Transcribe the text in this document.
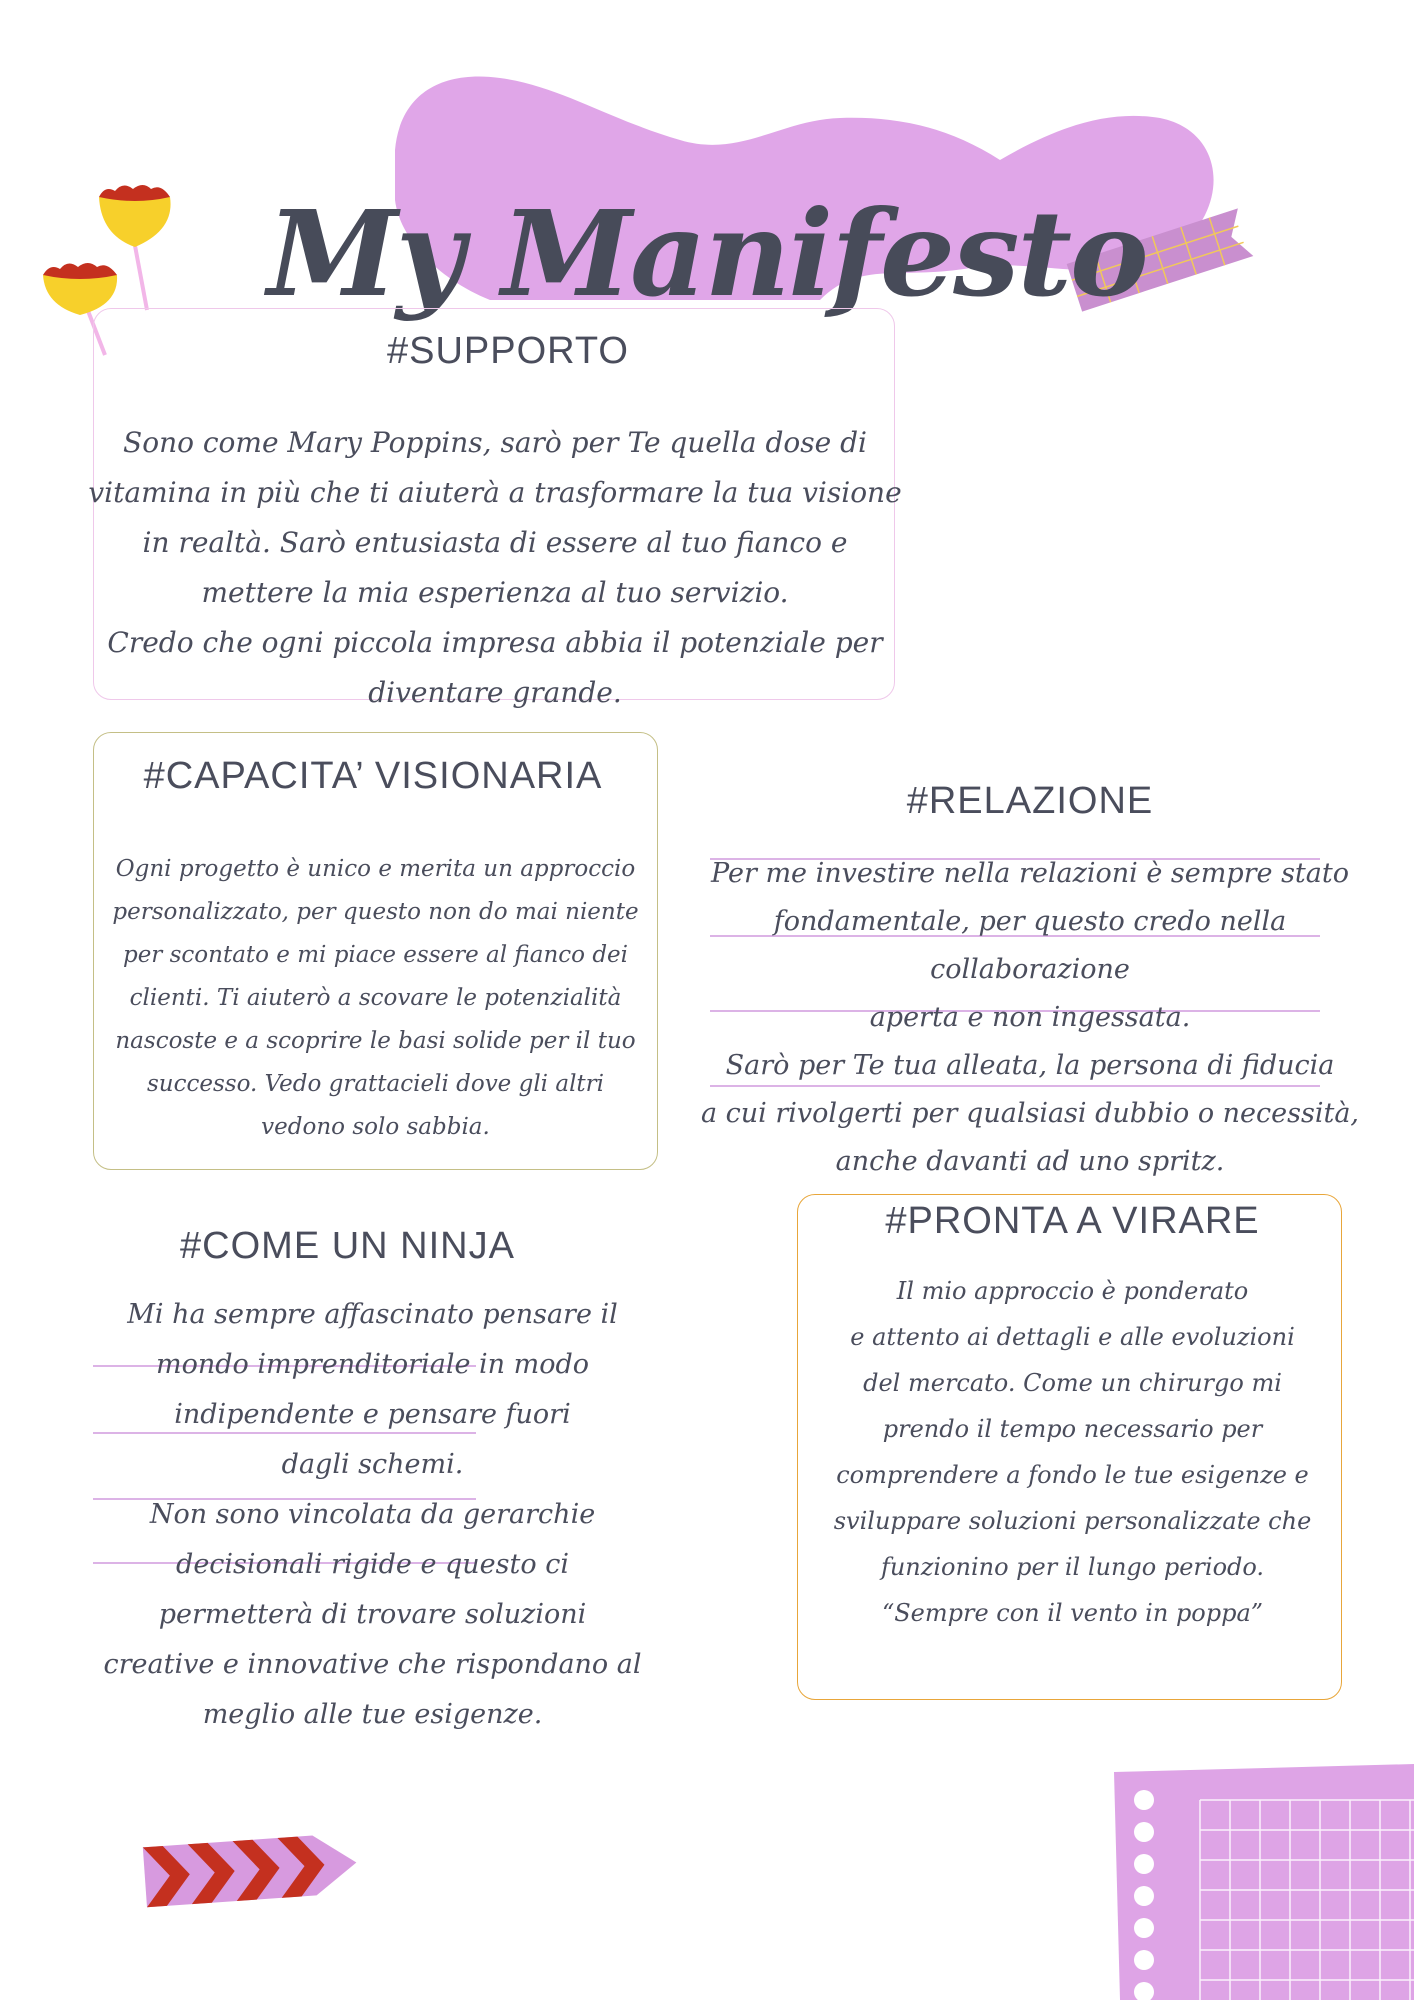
My Manifesto
#SUPPORTO
Sono come Mary Poppins, sarò per Te quella dose di
vitamina in più che ti aiuterà a trasformare la tua visione
in realtà. Sarò entusiasta di essere al tuo fianco e
mettere la mia esperienza al tuo servizio.
Credo che ogni piccola impresa abbia il potenziale per
diventare grande.
#CAPACITA’ VISIONARIA
Ogni progetto è unico e merita un approccio
personalizzato, per questo non do mai niente
per scontato e mi piace essere al fianco dei
clienti. Ti aiuterò a scovare le potenzialità
nascoste e a scoprire le basi solide per il tuo
successo. Vedo grattacieli dove gli altri
vedono solo sabbia.
#RELAZIONE
Per me investire nella relazioni è sempre stato
fondamentale, per questo credo nella collaborazione
aperta e non ingessata.
Sarò per Te tua alleata, la persona di fiducia
a cui rivolgerti per qualsiasi dubbio o necessità,
anche davanti ad uno spritz.
#COME UN NINJA
Mi ha sempre affascinato pensare il
mondo imprenditoriale in modo
indipendente e pensare fuori
dagli schemi.
Non sono vincolata da gerarchie
decisionali rigide e questo ci
permetterà di trovare soluzioni
creative e innovative che rispondano al
meglio alle tue esigenze.
#PRONTA A VIRARE
Il mio approccio è ponderato
e attento ai dettagli e alle evoluzioni
del mercato. Come un chirurgo mi
prendo il tempo necessario per
comprendere a fondo le tue esigenze e
sviluppare soluzioni personalizzate che
funzionino per il lungo periodo.
“Sempre con il vento in poppa”
